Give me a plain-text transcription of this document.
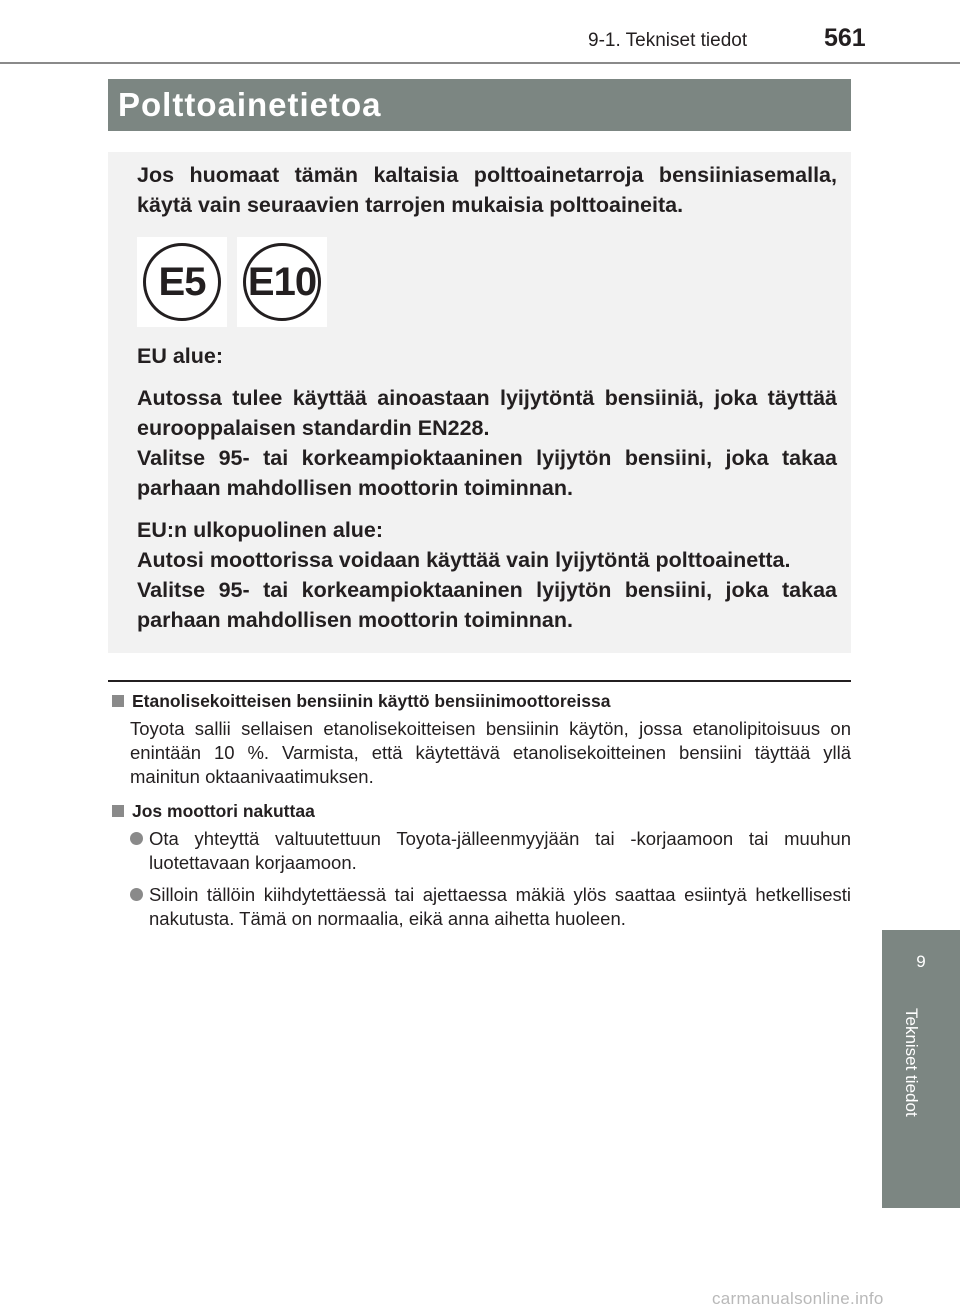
9-1. Tekniset tiedot	561
Polttoainetietoa

Jos huomaat tämän kaltaisia polttoainetarroja bensiiniasemalla, käytä vain seuraavien tarrojen mukaisia polttoaineita.

E5	E10

EU alue:

Autossa tulee käyttää ainoastaan lyijytöntä bensiiniä, joka täyttää eurooppalaisen standardin EN228.

Valitse 95- tai korkeampioktaaninen lyijytön bensiini, joka takaa parhaan mahdollisen moottorin toiminnan.

EU:n ulkopuolinen alue:

Autosi moottorissa voidaan käyttää vain lyijytöntä polttoainetta.

Valitse 95- tai korkeampioktaaninen lyijytön bensiini, joka takaa parhaan mahdollisen moottorin toiminnan.

Etanolisekoitteisen bensiinin käyttö bensiinimoottoreissa
Toyota sallii sellaisen etanolisekoitteisen bensiinin käytön, jossa etanolipitoisuus on enintään 10 %. Varmista, että käytettävä etanolisekoitteinen bensiini täyttää yllä mainitun oktaanivaatimuksen.
Jos moottori nakuttaa
Ota yhteyttä valtuutettuun Toyota-jälleenmyyjään tai -korjaamoon tai muuhun luotettavaan korjaamoon.
Silloin tällöin kiihdytettäessä tai ajettaessa mäkiä ylös saattaa esiintyä hetkellisesti nakutusta. Tämä on normaalia, eikä anna aihetta huoleen.
9
Tekniset tiedot
carmanualsonline.info
